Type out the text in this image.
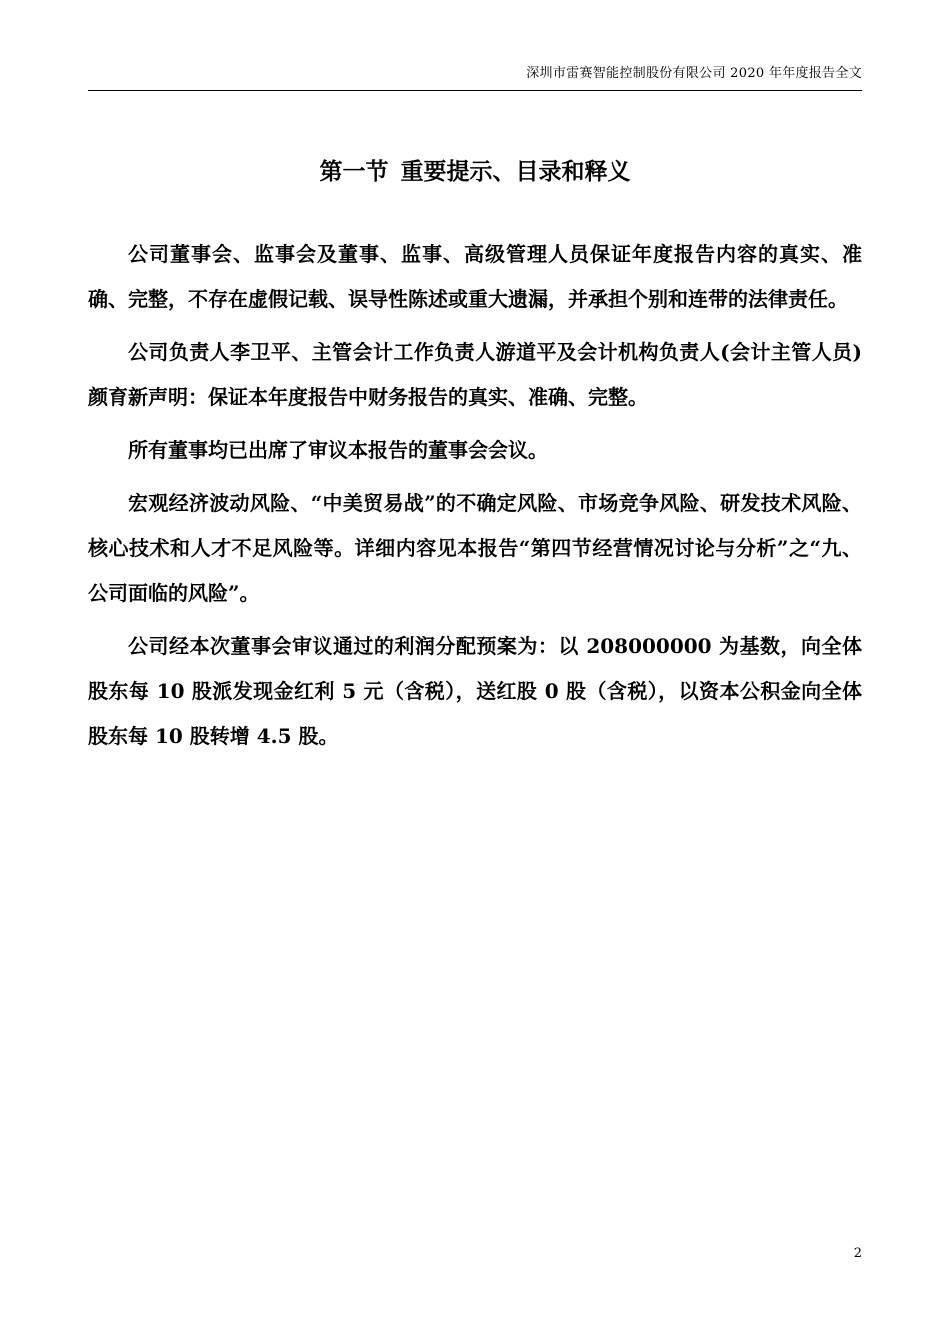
深圳市雷赛智能控制股份有限公司 2020 年年度报告全文
第一节 重要提示、目录和释义

公司董事会、监事会及董事、监事、高级管理人员保证年度报告内容的真实、准确、完整，不存在虚假记载、误导性陈述或重大遗漏，并承担个别和连带的法律责任。

公司负责人李卫平、主管会计工作负责人游道平及会计机构负责人(会计主管人员)颜育新声明：保证本年度报告中财务报告的真实、准确、完整。

所有董事均已出席了审议本报告的董事会会议。

宏观经济波动风险、“中美贸易战”的不确定风险、市场竞争风险、研发技术风险、核心技术和人才不足风险等。详细内容见本报告“第四节经营情况讨论与分析”之“九、公司面临的风险”。

公司经本次董事会审议通过的利润分配预案为：以 208000000 为基数，向全体股东每 10 股派发现金红利 5 元（含税），送红股 0 股（含税），以资本公积金向全体股东每 10 股转增 4.5 股。

2
